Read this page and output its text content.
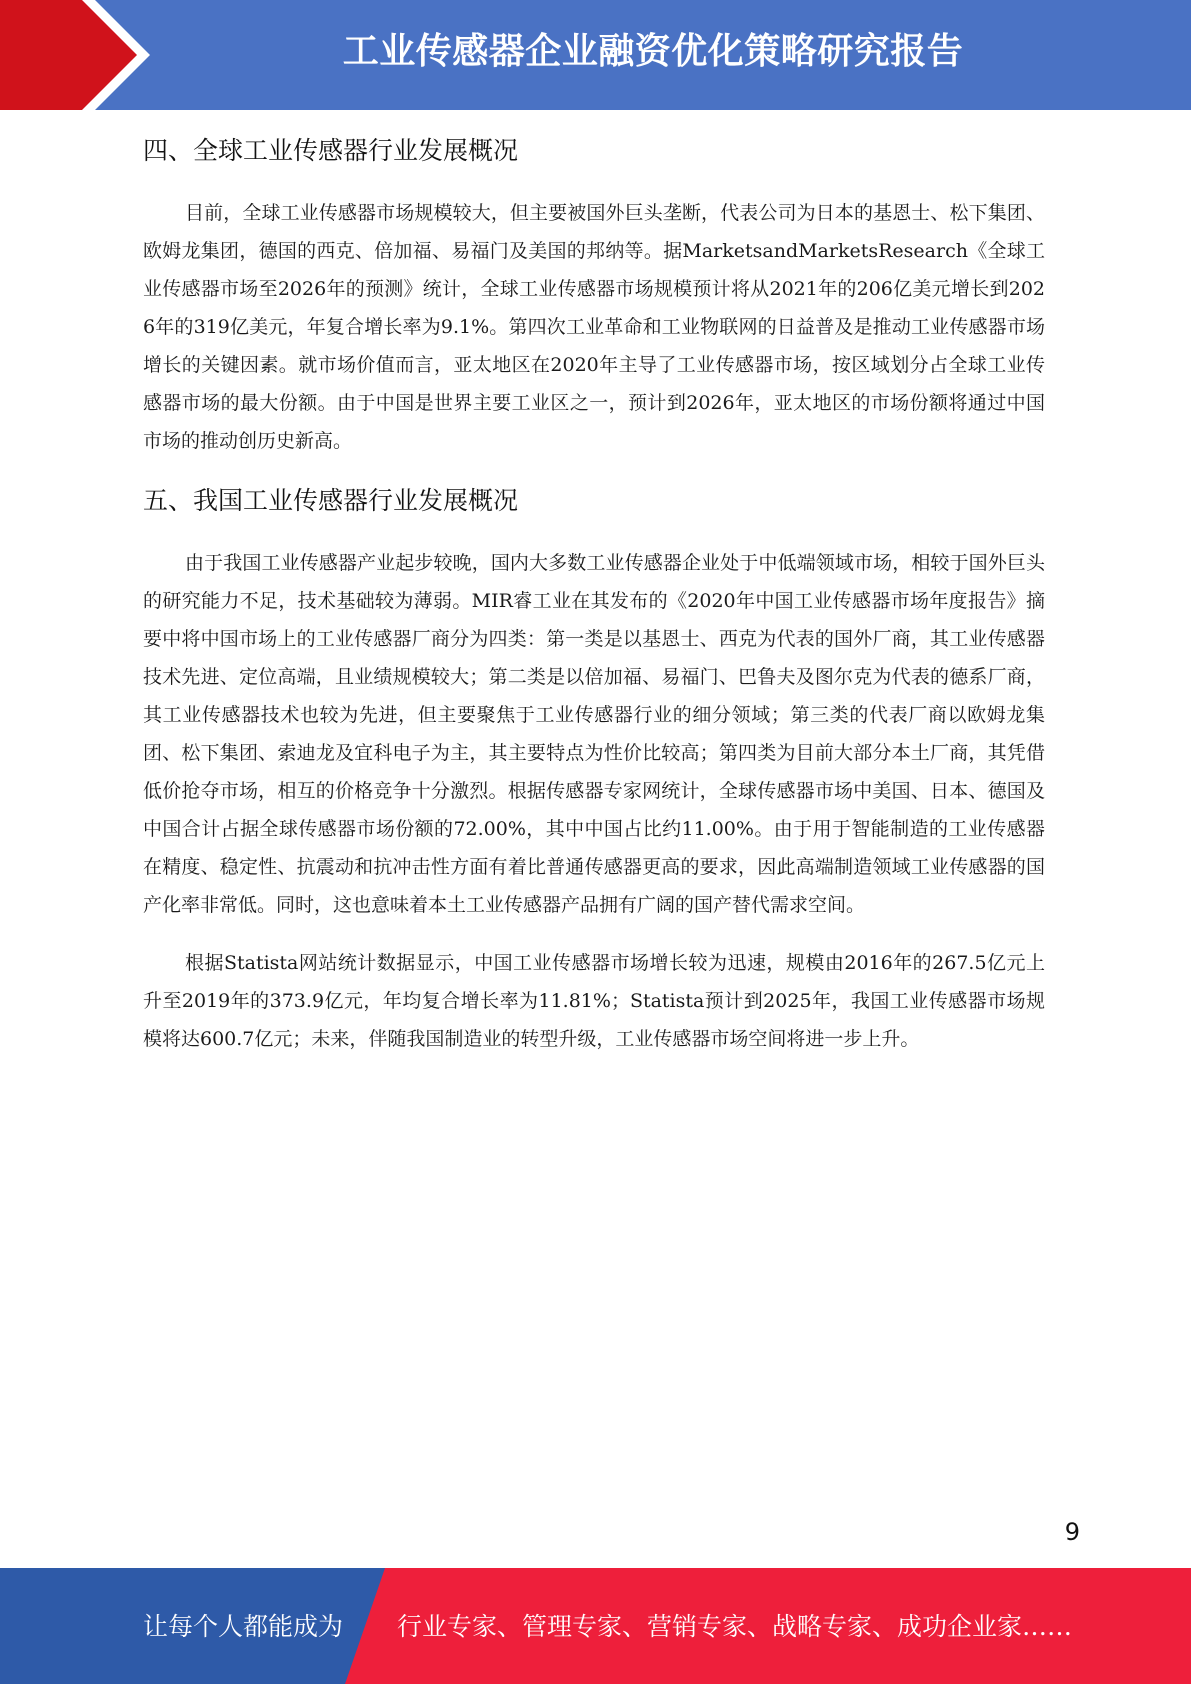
工业传感器企业融资优化策略研究报告
四、全球工业传感器行业发展概况

目前，全球工业传感器市场规模较大，但主要被国外巨头垄断，代表公司为日本的基恩士、松下集团、欧姆龙集团，德国的西克、倍加福、易福门及美国的邦纳等。据MarketsandMarketsResearch《全球工业传感器市场至2026年的预测》统计，全球工业传感器市场规模预计将从2021年的206亿美元增长到2026年的319亿美元，年复合增长率为9.1%。第四次工业革命和工业物联网的日益普及是推动工业传感器市场增长的关键因素。就市场价值而言，亚太地区在2020年主导了工业传感器市场，按区域划分占全球工业传感器市场的最大份额。由于中国是世界主要工业区之一，预计到2026年，亚太地区的市场份额将通过中国市场的推动创历史新高。

五、我国工业传感器行业发展概况

由于我国工业传感器产业起步较晚，国内大多数工业传感器企业处于中低端领域市场，相较于国外巨头的研究能力不足，技术基础较为薄弱。MIR睿工业在其发布的《2020年中国工业传感器市场年度报告》摘要中将中国市场上的工业传感器厂商分为四类：第一类是以基恩士、西克为代表的国外厂商，其工业传感器技术先进、定位高端，且业绩规模较大；第二类是以倍加福、易福门、巴鲁夫及图尔克为代表的德系厂商，其工业传感器技术也较为先进，但主要聚焦于工业传感器行业的细分领域；第三类的代表厂商以欧姆龙集团、松下集团、索迪龙及宜科电子为主，其主要特点为性价比较高；第四类为目前大部分本土厂商，其凭借低价抢夺市场，相互的价格竞争十分激烈。根据传感器专家网统计，全球传感器市场中美国、日本、德国及中国合计占据全球传感器市场份额的72.00%，其中中国占比约11.00%。由于用于智能制造的工业传感器在精度、稳定性、抗震动和抗冲击性方面有着比普通传感器更高的要求，因此高端制造领域工业传感器的国产化率非常低。同时，这也意味着本土工业传感器产品拥有广阔的国产替代需求空间。

根据Statista网站统计数据显示，中国工业传感器市场增长较为迅速，规模由2016年的267.5亿元上升至2019年的373.9亿元，年均复合增长率为11.81%；Statista预计到2025年，我国工业传感器市场规模将达600.7亿元；未来，伴随我国制造业的转型升级，工业传感器市场空间将进一步上升。

9
让每个人都能成为 行业专家、管理专家、营销专家、战略专家、成功企业家……
